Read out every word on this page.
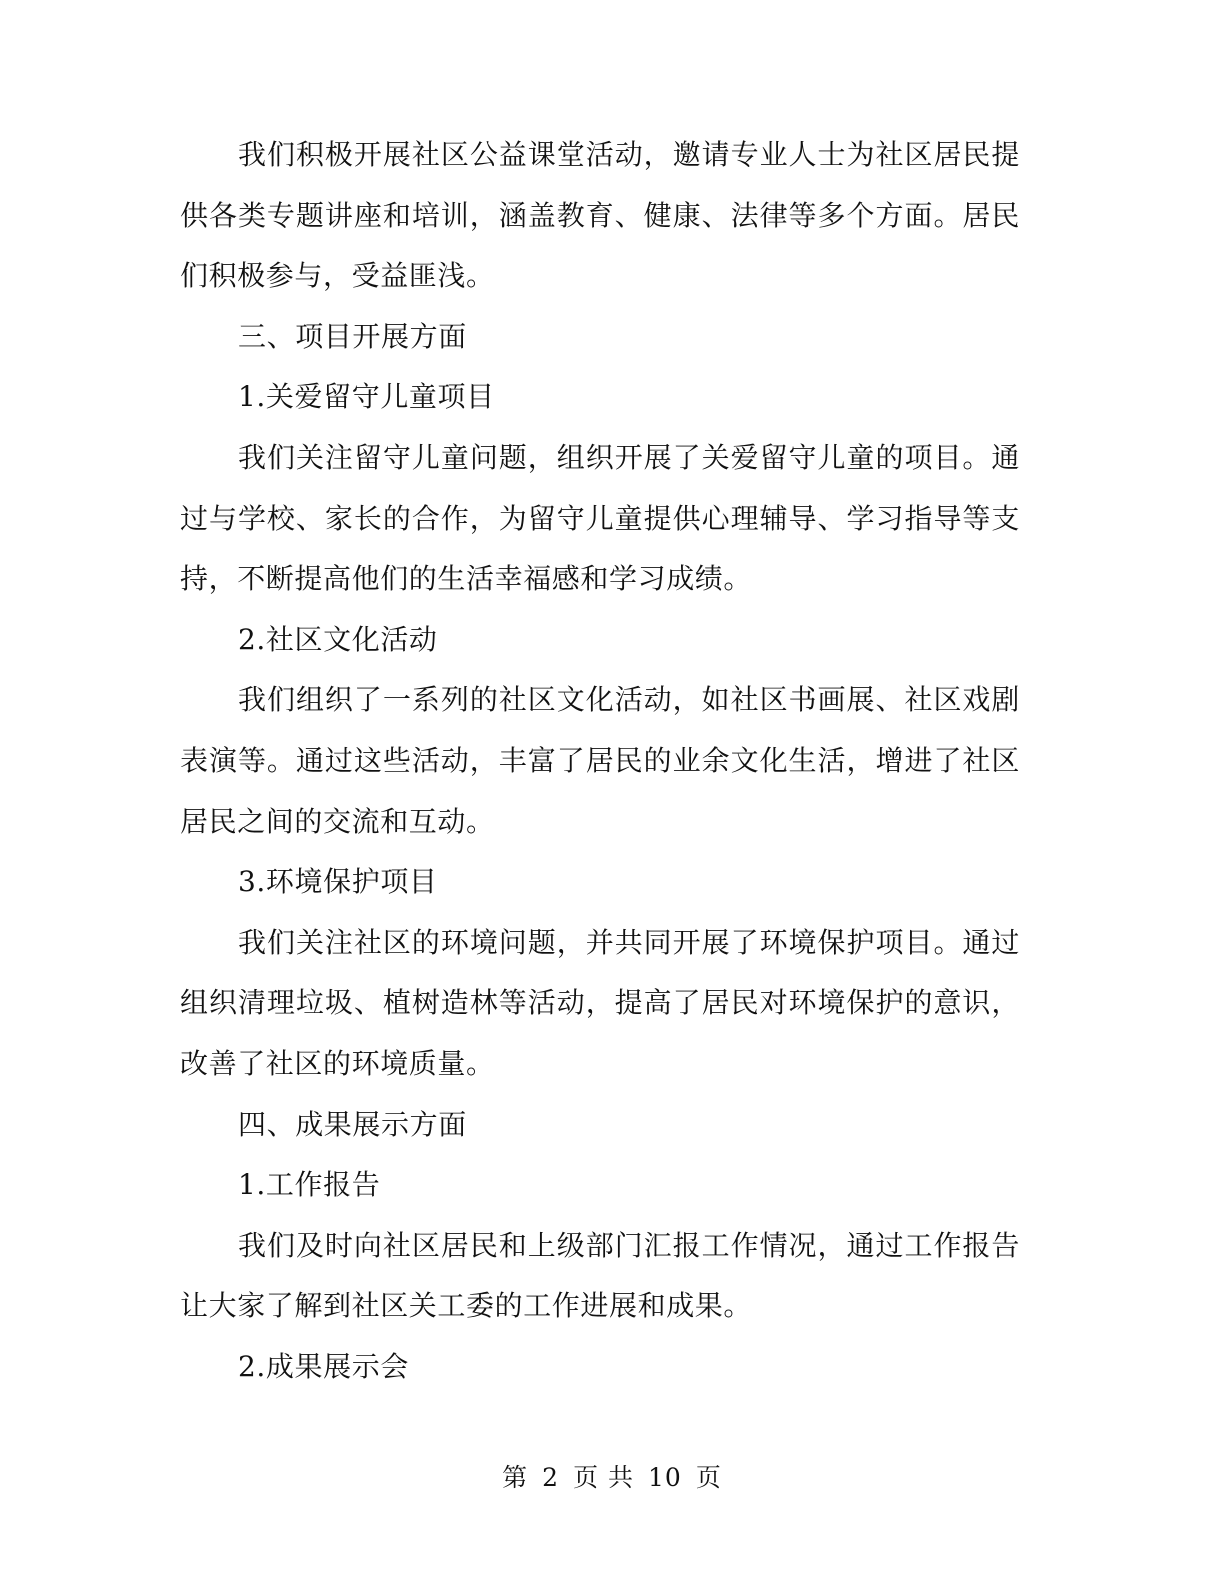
我们积极开展社区公益课堂活动，邀请专业人士为社区居民提供各类专题讲座和培训，涵盖教育、健康、法律等多个方面。居民们积极参与，受益匪浅。

三、项目开展方面

1.关爱留守儿童项目

我们关注留守儿童问题，组织开展了关爱留守儿童的项目。通过与学校、家长的合作，为留守儿童提供心理辅导、学习指导等支持，不断提高他们的生活幸福感和学习成绩。

2.社区文化活动

我们组织了一系列的社区文化活动，如社区书画展、社区戏剧表演等。通过这些活动，丰富了居民的业余文化生活，增进了社区居民之间的交流和互动。

3.环境保护项目

我们关注社区的环境问题，并共同开展了环境保护项目。通过组织清理垃圾、植树造林等活动，提高了居民对环境保护的意识，改善了社区的环境质量。

四、成果展示方面

1.工作报告

我们及时向社区居民和上级部门汇报工作情况，通过工作报告让大家了解到社区关工委的工作进展和成果。

2.成果展示会

第 2 页 共 10 页
